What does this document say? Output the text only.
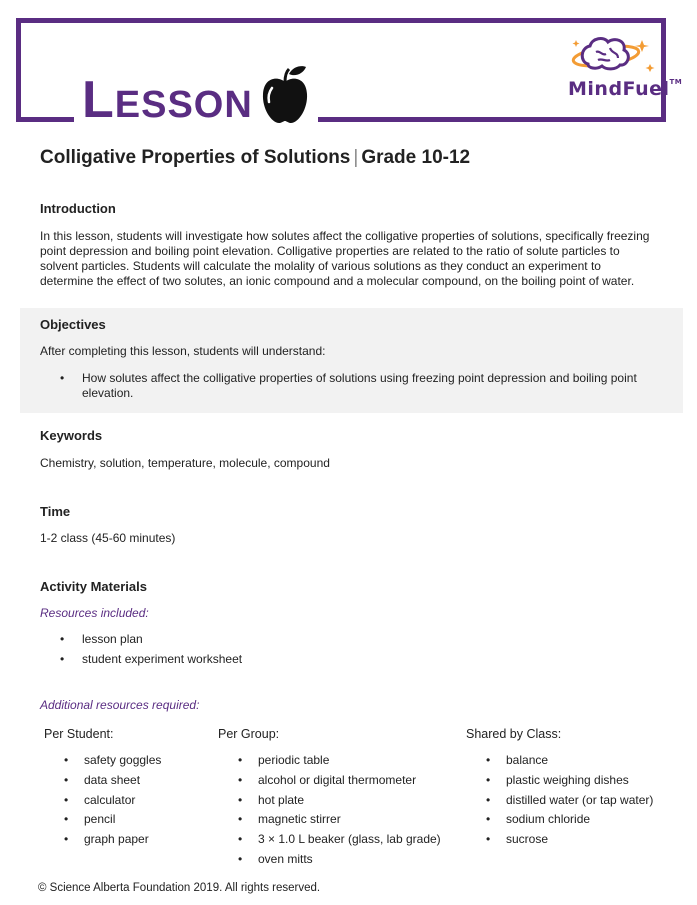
LESSON	MindFuel™
Colligative Properties of Solutions | Grade 10-12
Introduction
In this lesson, students will investigate how solutes affect the colligative properties of solutions, specifically freezing point depression and boiling point elevation. Colligative properties are related to the ratio of solute particles to solvent particles. Students will calculate the molality of various solutions as they conduct an experiment to determine the effect of two solutes, an ionic compound and a molecular compound, on the boiling point of water.
Objectives
After completing this lesson, students will understand:
• How solutes affect the colligative properties of solutions using freezing point depression and boiling point elevation.
Keywords
Chemistry, solution, temperature, molecule, compound
Time
1-2 class (45-60 minutes)
Activity Materials
Resources included:
• lesson plan
• student experiment worksheet
Additional resources required:
Per Student:
• safety goggles
• data sheet
• calculator
• pencil
• graph paper
Per Group:
• periodic table
• alcohol or digital thermometer
• hot plate
• magnetic stirrer
• 3 × 1.0 L beaker (glass, lab grade)
• oven mitts
Shared by Class:
• balance
• plastic weighing dishes
• distilled water (or tap water)
• sodium chloride
• sucrose
© Science Alberta Foundation 2019. All rights reserved.
